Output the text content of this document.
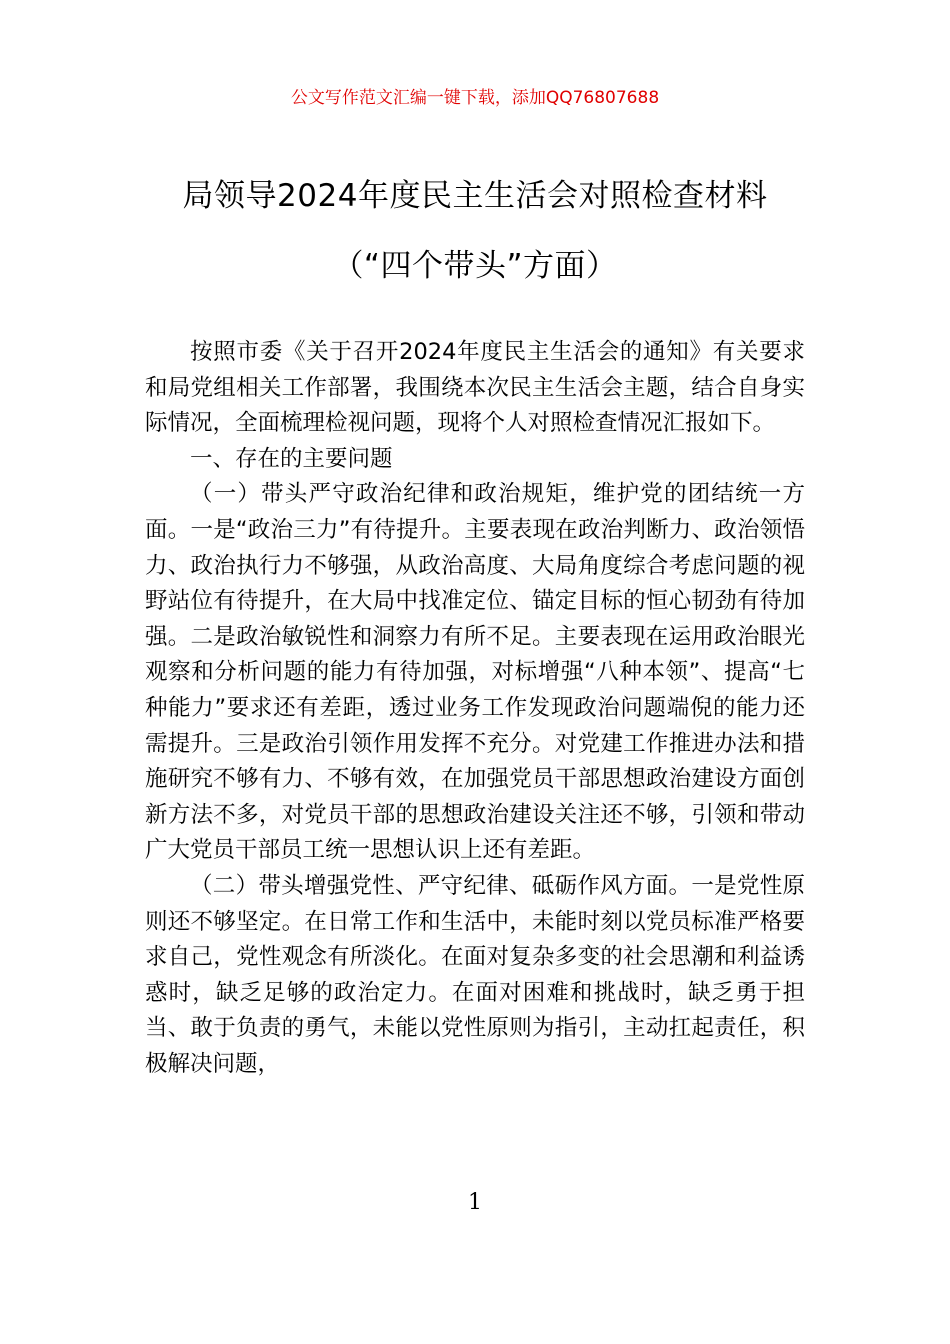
公文写作范文汇编一键下载，添加QQ76807688
局领导2024年度民主生活会对照检查材料
（“四个带头”方面）

按照市委《关于召开2024年度民主生活会的通知》有关要求和局党组相关工作部署，我围绕本次民主生活会主题，结合自身实际情况，全面梳理检视问题，现将个人对照检查情况汇报如下。

一、存在的主要问题

（一）带头严守政治纪律和政治规矩，维护党的团结统一方面。一是“政治三力”有待提升。主要表现在政治判断力、政治领悟力、政治执行力不够强，从政治高度、大局角度综合考虑问题的视野站位有待提升，在大局中找准定位、锚定目标的恒心韧劲有待加强。二是政治敏锐性和洞察力有所不足。主要表现在运用政治眼光观察和分析问题的能力有待加强，对标增强“八种本领”、提高“七种能力”要求还有差距，透过业务工作发现政治问题端倪的能力还需提升。三是政治引领作用发挥不充分。对党建工作推进办法和措施研究不够有力、不够有效，在加强党员干部思想政治建设方面创新方法不多，对党员干部的思想政治建设关注还不够，引领和带动广大党员干部员工统一思想认识上还有差距。

（二）带头增强党性、严守纪律、砥砺作风方面。一是党性原则还不够坚定。在日常工作和生活中，未能时刻以党员标准严格要求自己，党性观念有所淡化。在面对复杂多变的社会思潮和利益诱惑时，缺乏足够的政治定力。在面对困难和挑战时，缺乏勇于担当、敢于负责的勇气，未能以党性原则为指引，主动扛起责任，积极解决问题，

1
